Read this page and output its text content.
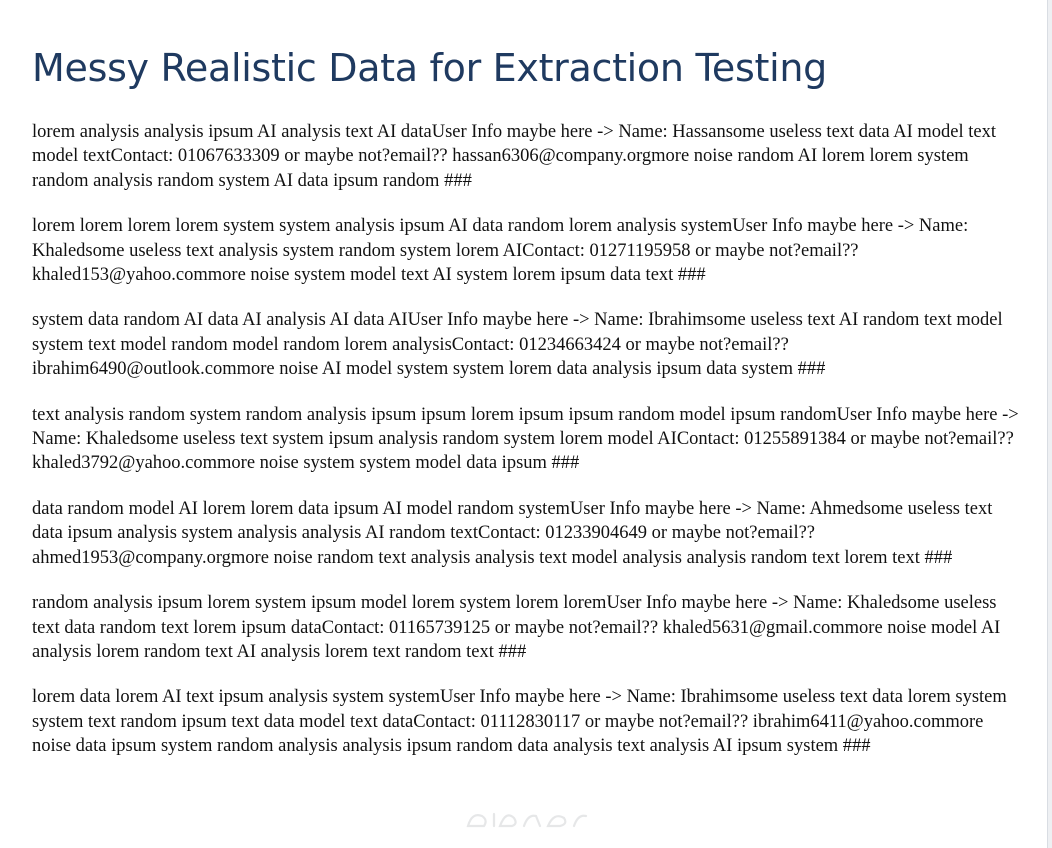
Messy Realistic Data for Extraction Testing

lorem analysis analysis ipsum AI analysis text AI dataUser Info maybe here -> Name: Hassansome useless text data AI model text model textContact: 01067633309 or maybe not?email?? hassan6306@company.orgmore noise random AI lorem lorem system random analysis random system AI data ipsum random ###

lorem lorem lorem lorem system system analysis ipsum AI data random lorem analysis systemUser Info maybe here -> Name: Khaledsome useless text analysis system random system lorem AIContact: 01271195958 or maybe not?email?? khaled153@yahoo.commore noise system model text AI system lorem ipsum data text ###

system data random AI data AI analysis AI data AIUser Info maybe here -> Name: Ibrahimsome useless text AI random text model system text model random model random lorem analysisContact: 01234663424 or maybe not?email?? ibrahim6490@outlook.commore noise AI model system system lorem data analysis ipsum data system ###

text analysis random system random analysis ipsum ipsum lorem ipsum ipsum random model ipsum randomUser Info maybe here -> Name: Khaledsome useless text system ipsum analysis random system lorem model AIContact: 01255891384 or maybe not?email?? khaled3792@yahoo.commore noise system system model data ipsum ###

data random model AI lorem lorem data ipsum AI model random systemUser Info maybe here -> Name: Ahmedsome useless text data ipsum analysis system analysis analysis AI random textContact: 01233904649 or maybe not?email?? ahmed1953@company.orgmore noise random text analysis analysis text model analysis analysis random text lorem text ###

random analysis ipsum lorem system ipsum model lorem system lorem loremUser Info maybe here -> Name: Khaledsome useless text data random text lorem ipsum dataContact: 01165739125 or maybe not?email?? khaled5631@gmail.commore noise model AI analysis lorem random text AI analysis lorem text random text ###

lorem data lorem AI text ipsum analysis system systemUser Info maybe here -> Name: Ibrahimsome useless text data lorem system system text random ipsum text data model text dataContact: 01112830117 or maybe not?email?? ibrahim6411@yahoo.commore noise data ipsum system random analysis analysis ipsum random data analysis text analysis AI ipsum system ###
